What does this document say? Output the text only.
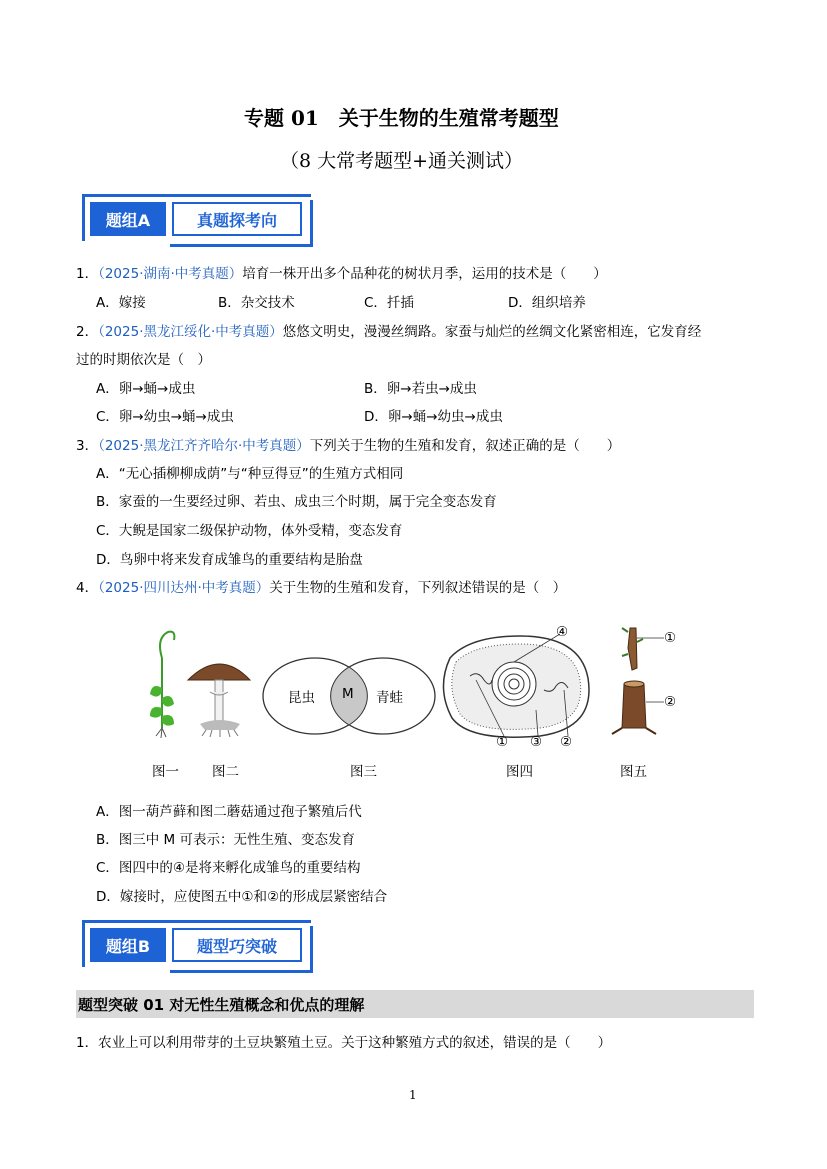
专题 01　关于生物的生殖常考题型
（8 大常考题型+通关测试）
题组A	真题探考向
1．（2025·湖南·中考真题）培育一株开出多个品种花的树状月季，运用的技术是（　　）
A．嫁接	B．杂交技术	C．扦插	D．组织培养
2．（2025·黑龙江绥化·中考真题）悠悠文明史，漫漫丝绸路。家蚕与灿烂的丝绸文化紧密相连，它发育经
过的时期依次是（　）
A．卵→蛹→成虫	B．卵→若虫→成虫
C．卵→幼虫→蛹→成虫	D．卵→蛹→幼虫→成虫
3．（2025·黑龙江齐齐哈尔·中考真题）下列关于生物的生殖和发育，叙述正确的是（　　）
A．“无心插柳柳成荫”与“种豆得豆”的生殖方式相同
B．家蚕的一生要经过卵、若虫、成虫三个时期，属于完全变态发育
C．大鲵是国家二级保护动物，体外受精，变态发育
D．鸟卵中将来发育成雏鸟的重要结构是胎盘
4．（2025·四川达州·中考真题）关于生物的生殖和发育，下列叙述错误的是（　）
昆虫 M 青蛙
④
① ③ ②
①
②
图一 图二	图三	图四	图五
A．图一葫芦藓和图二蘑菇通过孢子繁殖后代
B．图三中 M 可表示：无性生殖、变态发育
C．图四中的④是将来孵化成雏鸟的重要结构
D．嫁接时，应使图五中①和②的形成层紧密结合
题组B	题型巧突破
题型突破 01 对无性生殖概念和优点的理解
1．农业上可以利用带芽的土豆块繁殖土豆。关于这种繁殖方式的叙述，错误的是（　　）
1
